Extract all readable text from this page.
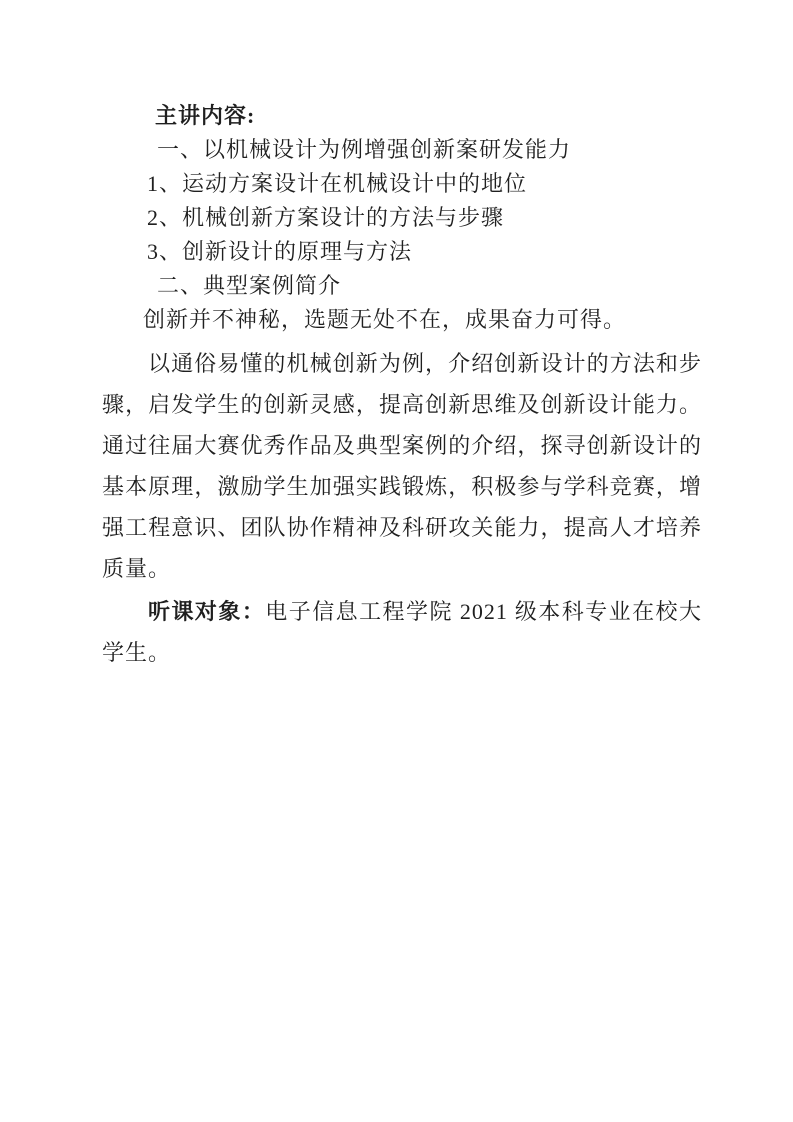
主讲内容:
一、以机械设计为例增强创新案研发能力
1、运动方案设计在机械设计中的地位
2、机械创新方案设计的方法与步骤
3、创新设计的原理与方法
二、典型案例简介
创新并不神秘，选题无处不在，成果奋力可得。

以通俗易懂的机械创新为例，介绍创新设计的方法和步骤，启发学生的创新灵感，提高创新思维及创新设计能力。通过往届大赛优秀作品及典型案例的介绍，探寻创新设计的基本原理，激励学生加强实践锻炼，积极参与学科竞赛，增强工程意识、团队协作精神及科研攻关能力，提高人才培养质量。

听课对象：电子信息工程学院 2021 级本科专业在校大学生。
